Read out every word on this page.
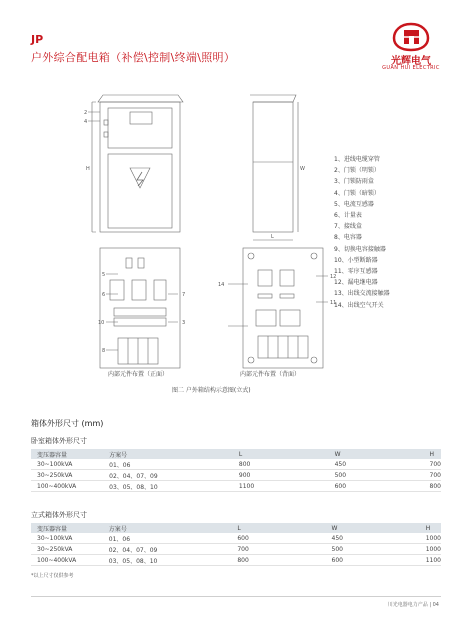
JP
户外综合配电箱（补偿\控制\终端\照明）	光辉电气
GUAN HUI ELECTRIC
5
6	7
10	3
8
14
12
11
4
2
H	W
L
1、进线电缆穿管
2、门锁（明锁）
3、门锁防雨盒
4、门锁（暗锁）
5、电流互感器
6、计量表
7、接线盒
8、电容器
9、切换电容接触器
10、小型断路器
11、零序互感器
12、漏电继电器
13、出线交流接触器
14、出线空气开关
内部元件布置（正面）	内部元件布置（背面）
图二 户外箱结构示意图(立式)
箱体外形尺寸 (mm)
卧室箱体外形尺寸
变压器容量	方案号	L	W	H
30~100kVA	01、06	800	450	700
30~250kVA	02、04、07、09	900	500	700
100~400kVA	03、05、08、10	1100	600	800
立式箱体外形尺寸
变压器容量	方案号	L	W	H
30~100kVA	01、06	600	450	1000
30~250kVA	02、04、07、09	700	500	1000
100~400kVA	03、05、08、10	800	600	1100
*以上尺寸仅供参考
川光电器电力产品 | 04
